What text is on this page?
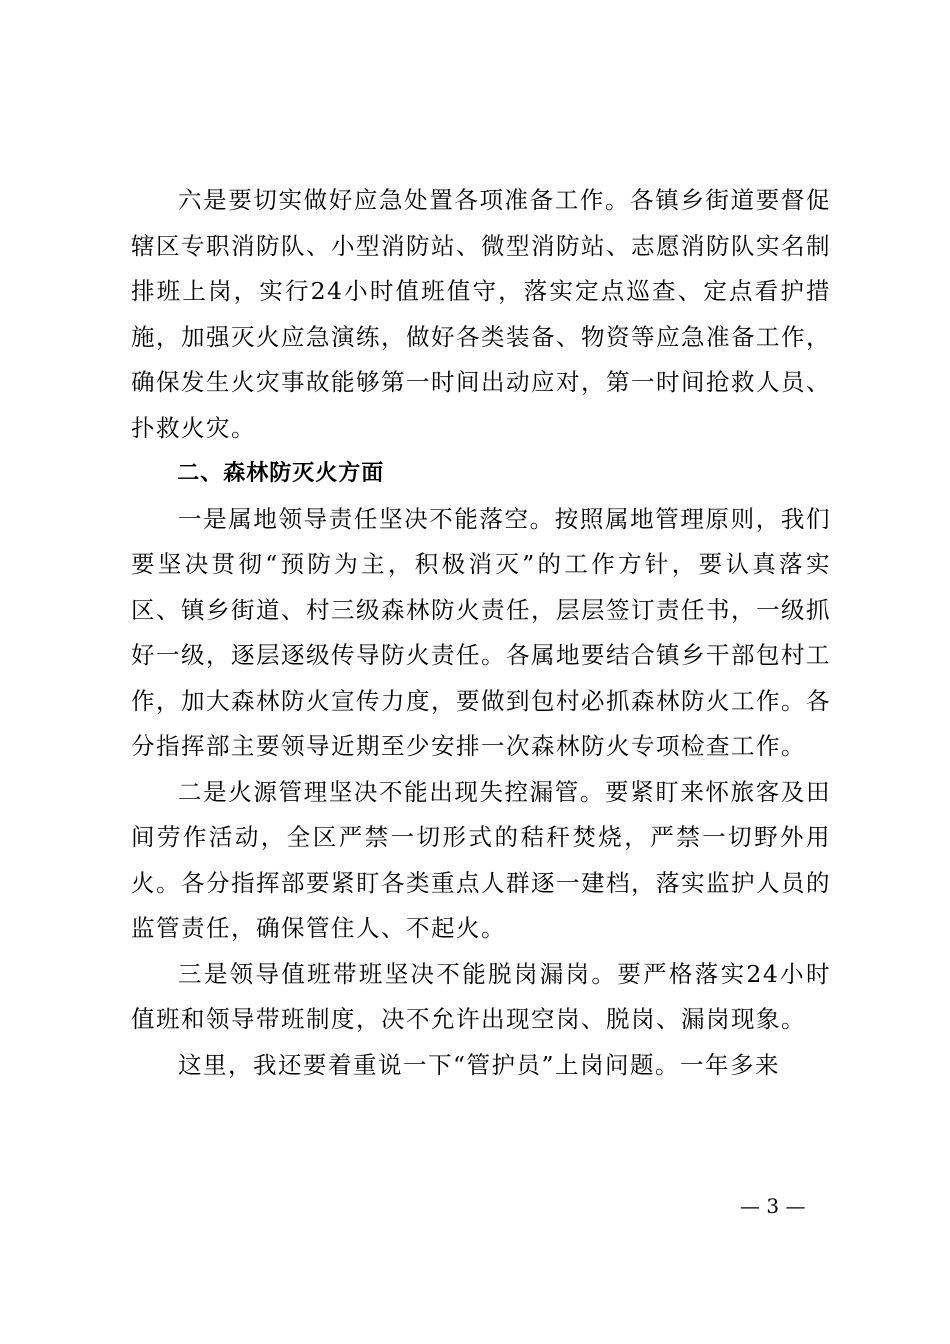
六是要切实做好应急处置各项准备工作。各镇乡街道要督促辖区专职消防队、小型消防站、微型消防站、志愿消防队实名制排班上岗，实行24小时值班值守，落实定点巡查、定点看护措施，加强灭火应急演练，做好各类装备、物资等应急准备工作，确保发生火灾事故能够第一时间出动应对，第一时间抢救人员、扑救火灾。

二、森林防灭火方面

一是属地领导责任坚决不能落空。按照属地管理原则，我们要坚决贯彻“预防为主，积极消灭”的工作方针，要认真落实区、镇乡街道、村三级森林防火责任，层层签订责任书，一级抓好一级，逐层逐级传导防火责任。各属地要结合镇乡干部包村工作，加大森林防火宣传力度，要做到包村必抓森林防火工作。各分指挥部主要领导近期至少安排一次森林防火专项检查工作。

二是火源管理坚决不能出现失控漏管。要紧盯来怀旅客及田间劳作活动，全区严禁一切形式的秸秆焚烧，严禁一切野外用火。各分指挥部要紧盯各类重点人群逐一建档，落实监护人员的监管责任，确保管住人、不起火。

三是领导值班带班坚决不能脱岗漏岗。要严格落实24小时值班和领导带班制度，决不允许出现空岗、脱岗、漏岗现象。

这里，我还要着重说一下“管护员”上岗问题。一年多来

— 3 —
